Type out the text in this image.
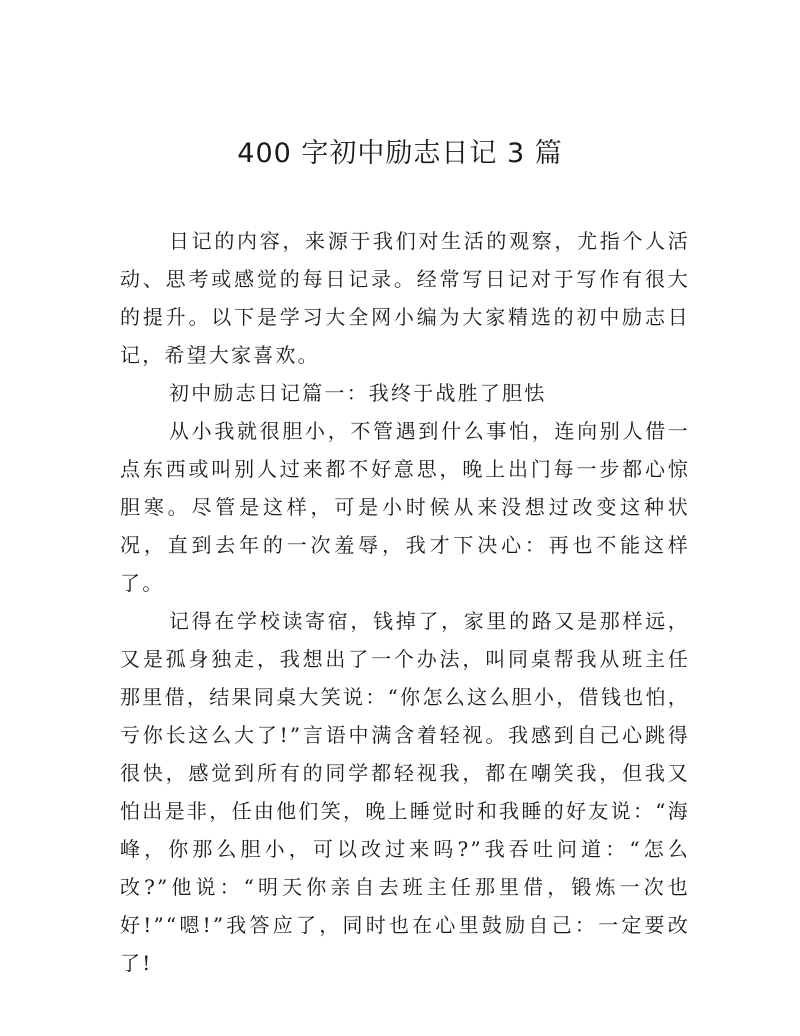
400 字初中励志日记 3 篇

日记的内容，来源于我们对生活的观察，尤指个人活动、思考或感觉的每日记录。经常写日记对于写作有很大的提升。以下是学习大全网小编为大家精选的初中励志日记，希望大家喜欢。

初中励志日记篇一：我终于战胜了胆怯

从小我就很胆小，不管遇到什么事怕，连向别人借一点东西或叫别人过来都不好意思，晚上出门每一步都心惊胆寒。尽管是这样，可是小时候从来没想过改变这种状况，直到去年的一次羞辱，我才下决心：再也不能这样了。

记得在学校读寄宿，钱掉了，家里的路又是那样远，又是孤身独走，我想出了一个办法，叫同桌帮我从班主任那里借，结果同桌大笑说：“你怎么这么胆小，借钱也怕，亏你长这么大了!”言语中满含着轻视。我感到自己心跳得很快，感觉到所有的同学都轻视我，都在嘲笑我，但我又怕出是非，任由他们笑，晚上睡觉时和我睡的好友说：“海峰，你那么胆小，可以改过来吗?”我吞吐问道：“怎么改?”他说：“明天你亲自去班主任那里借，锻炼一次也好!”“嗯!”我答应了，同时也在心里鼓励自己：一定要改了!
